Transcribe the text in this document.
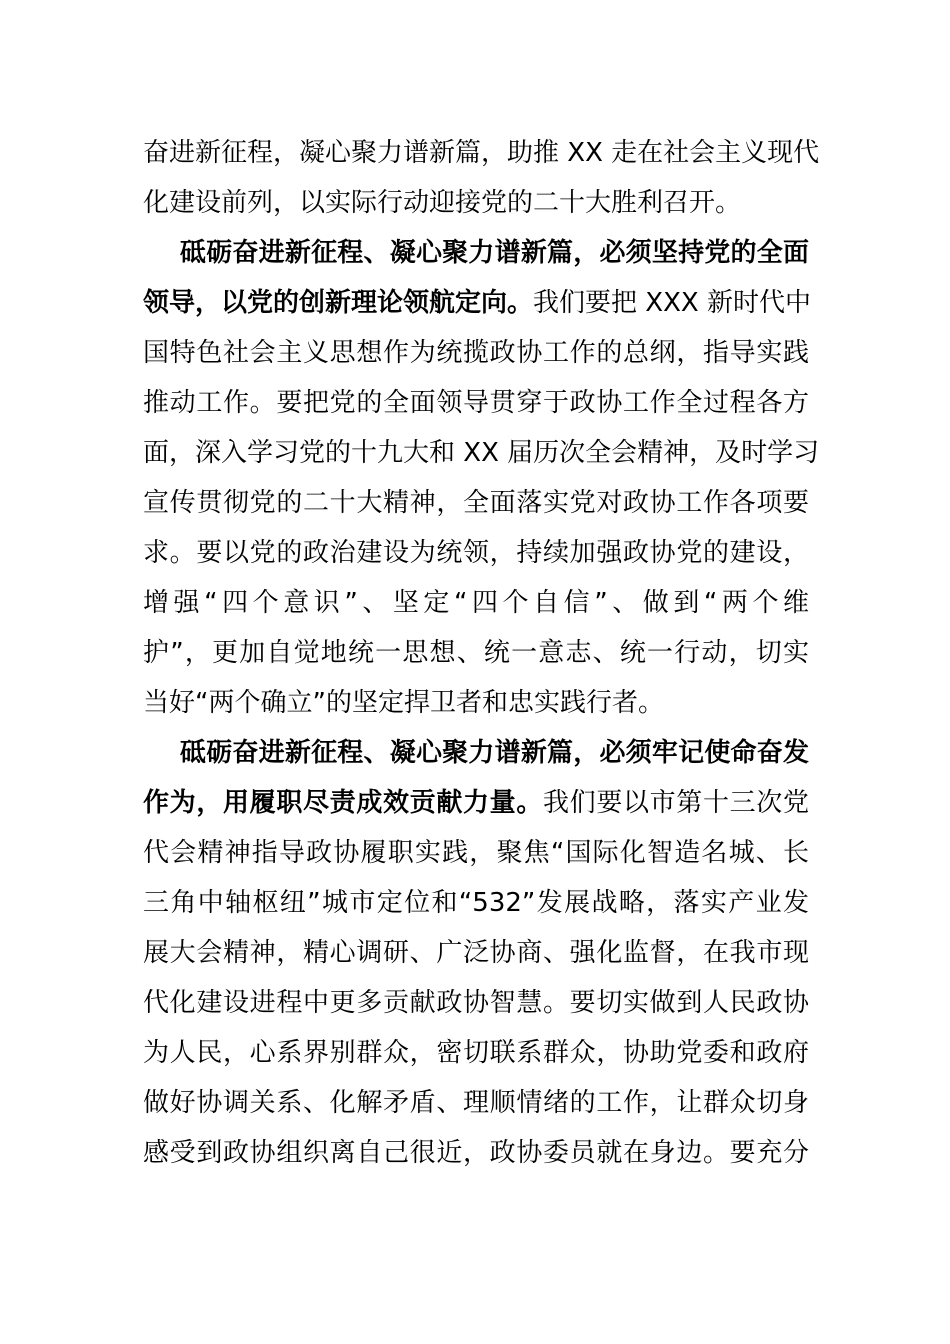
奋进新征程，凝心聚力谱新篇，助推 XX 走在社会主义现代
化建设前列，以实际行动迎接党的二十大胜利召开。
砥砺奋进新征程、凝心聚力谱新篇，必须坚持党的全面
领导，以党的创新理论领航定向。我们要把 XXX 新时代中
国特色社会主义思想作为统揽政协工作的总纲，指导实践
推动工作。要把党的全面领导贯穿于政协工作全过程各方
面，深入学习党的十九大和 XX 届历次全会精神，及时学习
宣传贯彻党的二十大精神，全面落实党对政协工作各项要
求。要以党的政治建设为统领，持续加强政协党的建设，
增强“四个意识”、坚定“四个自信”、做到“两个维
护”，更加自觉地统一思想、统一意志、统一行动，切实
当好“两个确立”的坚定捍卫者和忠实践行者。
砥砺奋进新征程、凝心聚力谱新篇，必须牢记使命奋发
作为，用履职尽责成效贡献力量。我们要以市第十三次党
代会精神指导政协履职实践，聚焦“国际化智造名城、长
三角中轴枢纽”城市定位和“532”发展战略，落实产业发
展大会精神，精心调研、广泛协商、强化监督，在我市现
代化建设进程中更多贡献政协智慧。要切实做到人民政协
为人民，心系界别群众，密切联系群众，协助党委和政府
做好协调关系、化解矛盾、理顺情绪的工作，让群众切身
感受到政协组织离自己很近，政协委员就在身边。要充分
